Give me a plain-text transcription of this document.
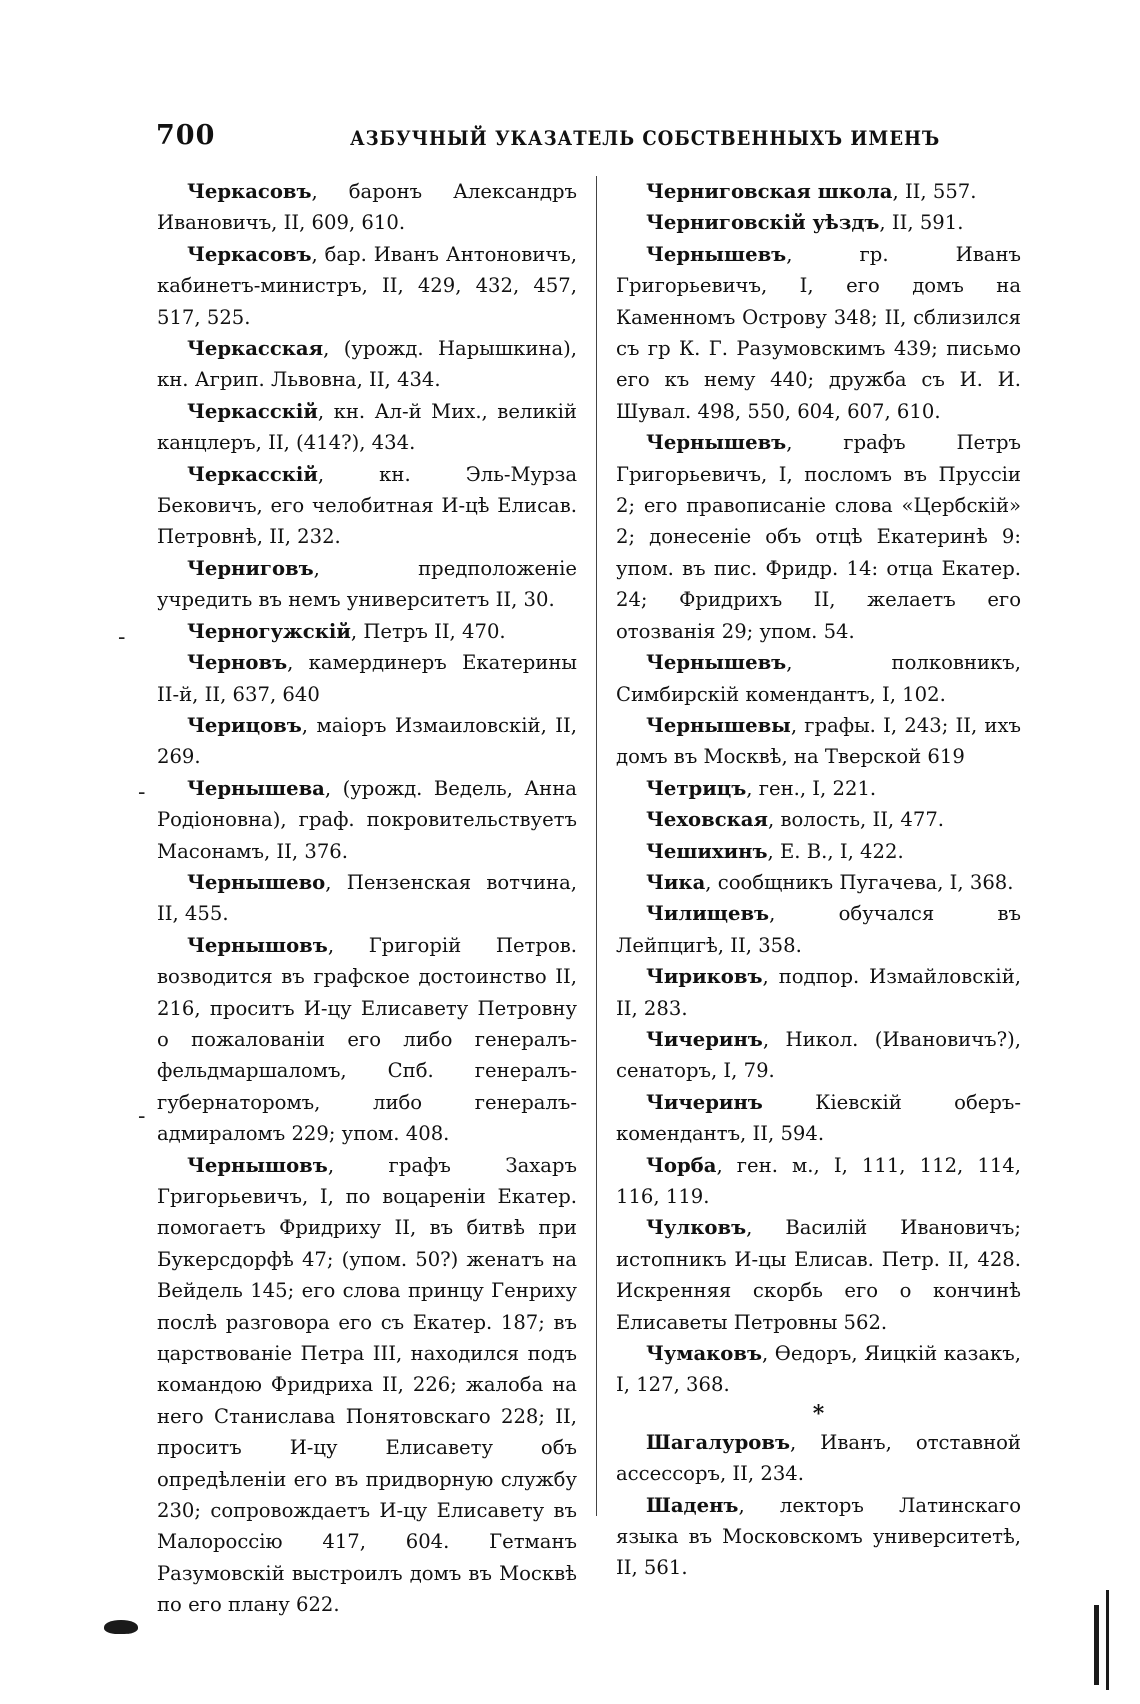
700	АЗБУЧНЫЙ УКАЗАТЕЛЬ СОБСТВЕННЫХЪ ИМЕНЪ

Черкасовъ, баронъ Александръ Ивановичъ, II, 609, 610.

Черкасовъ, бар. Иванъ Антоновичъ, кабинетъ-министръ, II, 429, 432, 457, 517, 525.

Черкасская, (урожд. Нарышкина), кн. Агрип. Львовна, II, 434.

Черкасскій, кн. Ал-й Мих., великій канцлеръ, II, (414?), 434.

Черкасскій, кн. Эль-Мурза Бековичъ, его челобитная И-цѣ Елисав. Петровнѣ, II, 232.

Черниговъ, предположеніе учредить въ немъ университетъ II, 30.

Черногужскій, Петръ II, 470.

Черновъ, камердинеръ Екатерины II-й, II, 637, 640

Черицовъ, маіоръ Измаиловскій, II, 269.

Чернышева, (урожд. Ведель, Анна Родіоновна), граф. покровительствуетъ Масонамъ, II, 376.

Чернышево, Пензенская вотчина, II, 455.

Чернышовъ, Григорій Петров. возводится въ графское достоинство II, 216, проситъ И-цу Елисавету Петровну о пожалованіи его либо генералъ-фельдмаршаломъ, Спб. генералъ-губернаторомъ, либо генералъ-адмираломъ 229; упом. 408.

Чернышовъ, графъ Захаръ Григорьевичъ, I, по воцареніи Екатер. помогаетъ Фридриху II, въ битвѣ при Букерсдорфѣ 47; (упом. 50?) женатъ на Вейдель 145; его слова принцу Генриху послѣ разговора его съ Екатер. 187; въ царствованіе Петра III, находился подъ командою Фридриха II, 226; жалоба на него Станислава Понятовскаго 228; II, проситъ И-цу Елисавету объ опредѣленіи его въ придворную службу 230; сопровождаетъ И-цу Елисавету въ Малороссію 417, 604. Гетманъ Разумовскій выстроилъ домъ въ Москвѣ по его плану 622.

Черниговская школа, II, 557.

Черниговскій уѣздъ, II, 591.

Чернышевъ, гр. Иванъ Григорьевичъ, I, его домъ на Каменномъ Острову 348; II, сблизился съ гр К. Г. Разумовскимъ 439; письмо его къ нему 440; дружба съ И. И. Шувал. 498, 550, 604, 607, 610.

Чернышевъ, графъ Петръ Григорьевичъ, I, посломъ въ Пруссіи 2; его правописаніе слова «Цербскій» 2; донесеніе объ отцѣ Екатеринѣ 9: упом. въ пис. Фридр. 14: отца Екатер. 24; Фридрихъ II, желаетъ его отозванія 29; упом. 54.

Чернышевъ, полковникъ, Симбирскій комендантъ, I, 102.

Чернышевы, графы. I, 243; II, ихъ домъ въ Москвѣ, на Тверской 619

Четрицъ, ген., I, 221.

Чеховская, волость, II, 477.

Чешихинъ, Е. В., I, 422.

Чика, сообщникъ Пугачева, I, 368.

Чилищевъ, обучался въ Лейпцигѣ, II, 358.

Чириковъ, подпор. Измайловскій, II, 283.

Чичеринъ, Никол. (Ивановичъ?), сенаторъ, I, 79.

Чичеринъ Кіевскій оберъ-комендантъ, II, 594.

Чорба, ген. м., I, 111, 112, 114, 116, 119.

Чулковъ, Василій Ивановичъ; истопникъ И-цы Елисав. Петр. II, 428. Искренняя скорбь его о кончинѣ Елисаветы Петровны 562.

Чумаковъ, Өедоръ, Яицкій казакъ, I, 127, 368.

*

Шагалуровъ, Иванъ, отставной ассессоръ, II, 234.

Шаденъ, лекторъ Латинскаго языка въ Московскомъ университетѣ, II, 561.

-
-
-
